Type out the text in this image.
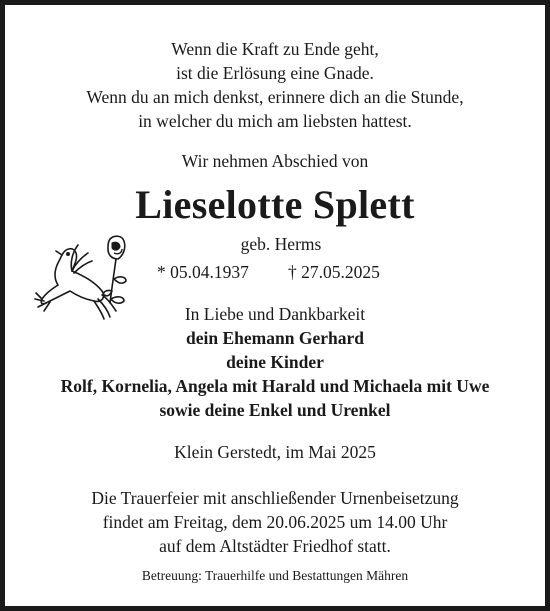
Wenn die Kraft zu Ende geht,
ist die Erlösung eine Gnade.
Wenn du an mich denkst, erinnere dich an die Stunde,
in welcher du mich am liebsten hattest.
Wir nehmen Abschied von
Lieselotte Splett
geb. Herms
* 05.04.1937 † 27.05.2025
In Liebe und Dankbarkeit
dein Ehemann Gerhard
deine Kinder
Rolf, Kornelia, Angela mit Harald und Michaela mit Uwe
sowie deine Enkel und Urenkel
Klein Gerstedt, im Mai 2025
Die Trauerfeier mit anschließender Urnenbeisetzung
findet am Freitag, dem 20.06.2025 um 14.00 Uhr
auf dem Altstädter Friedhof statt.
Betreuung: Trauerhilfe und Bestattungen Mähren
